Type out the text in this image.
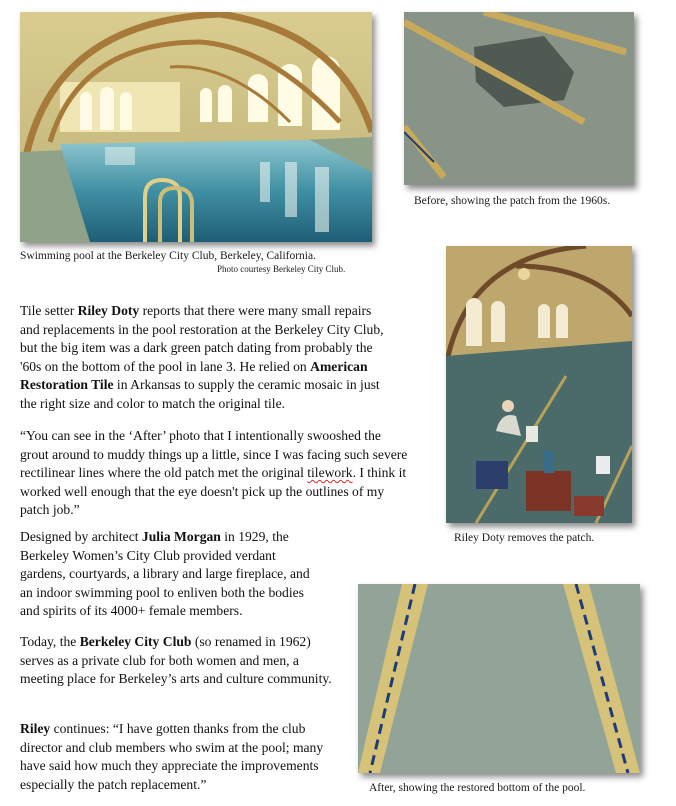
Swimming pool at the Berkeley City Club, Berkeley, California.
Photo courtesy Berkeley City Club.
Before, showing the patch from the 1960s.
Riley Doty removes the patch.
After, showing the restored bottom of the pool.

Tile setter Riley Doty reports that there were many small repairs and replacements in the pool restoration at the Berkeley City Club, but the big item was a dark green patch dating from probably the '60s on the bottom of the pool in lane 3. He relied on American Restoration Tile in Arkansas to supply the ceramic mosaic in just the right size and color to match the original tile.

“You can see in the ‘After’ photo that I intentionally swooshed the grout around to muddy things up a little, since I was facing such severe rectilinear lines where the old patch met the original tilework. I think it worked well enough that the eye doesn't pick up the outlines of my patch job.”

Designed by architect Julia Morgan in 1929, the Berkeley Women’s City Club provided verdant gardens, courtyards, a library and large fireplace, and an indoor swimming pool to enliven both the bodies and spirits of its 4000+ female members.

Today, the Berkeley City Club (so renamed in 1962) serves as a private club for both women and men, a meeting place for Berkeley’s arts and culture community.

Riley continues: “I have gotten thanks from the club director and club members who swim at the pool; many have said how much they appreciate the improvements especially the patch replacement.”
